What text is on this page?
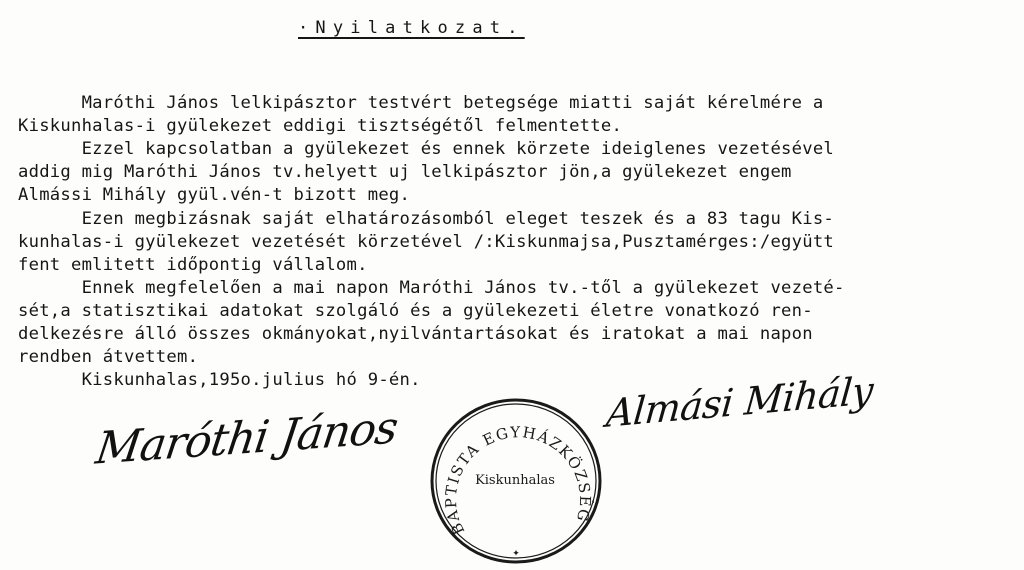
·Nyilatkozat.
Maróthi János lelkipásztor testvért betegsége miatti saját kérelmére a
Kiskunhalas-i gyülekezet eddigi tisztségétől felmentette.
Ezzel kapcsolatban a gyülekezet és ennek körzete ideiglenes vezetésével
addig mig Maróthi János tv.helyett uj lelkipásztor jön,a gyülekezet engem
Almássi Mihály gyül.vén-t bizott meg.
Ezen megbizásnak saját elhatározásomból eleget teszek és a 83 tagu Kis-
kunhalas-i gyülekezet vezetését körzetével /:Kiskunmajsa,Pusztamérges:/együtt
fent emlitett időpontig vállalom.
Ennek megfelelően a mai napon Maróthi János tv.-től a gyülekezet vezeté-
sét,a statisztikai adatokat szolgáló és a gyülekezeti életre vonatkozó ren-
delkezésre álló összes okmányokat,nyilvántartásokat és iratokat a mai napon
rendben átvettem.
Kiskunhalas,195o.julius hó 9-én.
Maróthi János
Almási Mihály
BAPTISTA EGYHÁZKÖZSÉG
Kiskunhalas
✦
